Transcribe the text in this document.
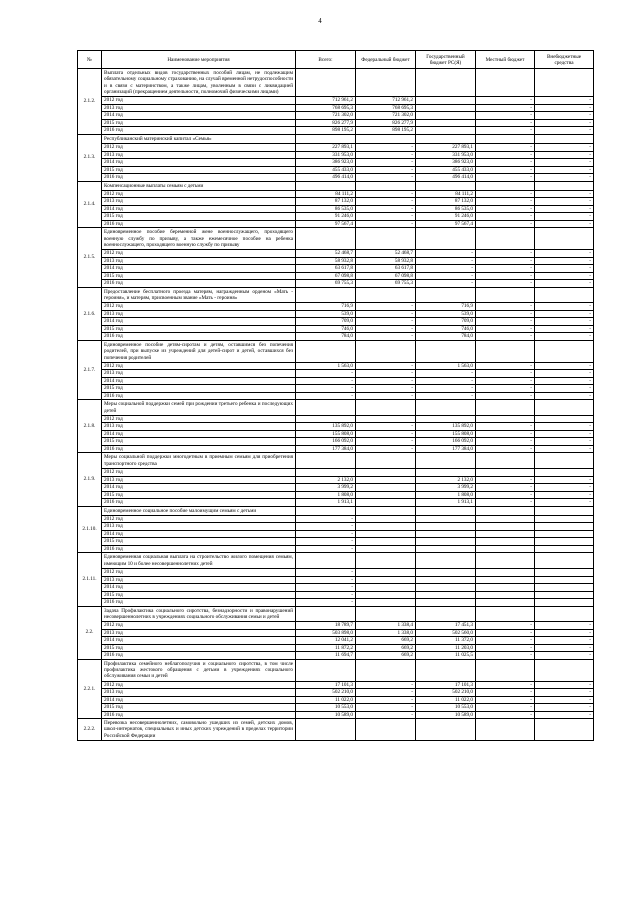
4
№	Наименование мероприятия	Всего:	Федеральный бюджет	Государственный бюджет РС(Я)	Местный бюджет	Внебюджетные средства
2.1.2.	Выплата отдельных видов государственных пособий лицам, не подлежащим обязательному социальному страхованию, на случай временной нетрудоспособности и в связи с материнством, а также лицам, уволенным в связи с ликвидацией организаций (прекращением деятельности, полномочий физическими лицами)					
	2012 год	712 961,2	712 961,2		-	-
	2013 год	768 695,3	768 695,3		-	-
	2014 год	721 302,0	721 302,0		-	-
	2015 год	826 277,9	826 277,9		-	-
	2016 год	898 195,2	898 195,2		-	-
2.1.3.	Республиканский материнский капитал «Семья»					
	2012 год	227 893,1	-	227 893,1	-	-
	2013 год	331 953,0	-	331 953,0	-	-
	2014 год	386 923,0	-	386 923,0	-	-
	2015 год	455 433,0	-	455 433,0	-	-
	2016 год	496 414,0	-	496 414,0	-	-
2.1.4.	Компенсационные выплаты семьям с детьми					
	2012 год	84 111,2	-	84 111,2	-	-
	2013 год	87 132,0	-	87 132,0	-	-
	2014 год	86 535,0	-	86 535,0	-	-
	2015 год	91 246,0	-	91 246,0	-	-
	2016 год	97 567,4	-	97 567,4	-	-
2.1.5.	Единовременное пособие беременной жене военнослужащего, проходящего военную службу по призыву, а также ежемесячное пособие на ребенка военнослужащего, проходящего военную службу по призыву					
	2012 год	52 468,7	52 468,7	-	-	-
	2013 год	58 932,8	58 932,8	-	-	-
	2014 год	63 617,8	63 617,8	-	-	-
	2015 год	67 098,8	67 098,8	-	-	-
	2016 год	69 755,3	69 755,3	-	-	-
2.1.6.	Предоставление бесплатного проезда матерям, награжденным орденом «Мать - героиня», и матерям, присвоенным звание «Мать - героиня»					
	2012 год	716,9	-	716,9	-	-
	2013 год	539,0	-	539,0	-	-
	2014 год	709,0	-	709,0	-	-
	2015 год	746,0	-	746,0	-	-
	2016 год	784,0	-	784,0	-	-
2.1.7.	Единовременное пособие детям-сиротам и детям, оставшимся без попечения родителей, при выпуске из учреждений для детей-сирот и детей, оставшихся без попечения родителей					
	2012 год	1 563,0	-	1 563,0	-	-
	2013 год	-	-	-	-	-
	2014 год	-	-	-	-	-
	2015 год	-	-	-	-	-
	2016 год	-	-	-	-	-
2.1.8.	Меры социальной поддержки семей при рождении третьего ребенка и последующих детей					
	2012 год					
	2013 год	135 892,0	-	135 892,0	-	-
	2014 год	155 808,0	-	155 808,0	-	-
	2015 год	166 092,0	-	166 092,0	-	-
	2016 год	177 384,0	-	177 384,0	-	-
2.1.9.	Меры социальной поддержки многодетным в приемным семьям для приобретения транспортного средства					
	2012 год					
	2013 год	2 132,0		2 132,0	-	-
	2014 год	3 999,2		3 999,2	-	-
	2015 год	1 808,0		1 808,0	-	-
	2016 год	1 913,1		1 913,1	-	-
2.1.10.	Единовременное социальное пособие малоимущим семьям с детьми					
	2012 год	-				
	2013 год	-				
	2014 год	-				
	2015 год	-				
	2016 год	-				
2.1.11.	Единовременная социальная выплата на строительство жилого помещения семьям, имеющим 10 и более несовершеннолетних детей					
	2012 год	-				
	2013 год	-				
	2014 год	-				
	2015 год	-				
	2016 год	-				
2.2.	Задача Профилактика социального сиротства, безнадзорности и правонарушений несовершеннолетних в учреждениях социального обслуживания семьи и детей					
	2012 год	18 789,7	1 338,4	17 451,3	-	-
	2013 год	503 898,0	1 338,0	502 560,0	-	-
	2014 год	12 041,2	669,2	11 372,0	-	-
	2015 год	11 872,2	669,2	11 203,0	-	-
	2016 год	11 694,7	669,2	11 025,5	-	-
2.2.1.	Профилактика семейного неблагополучия и социального сиротства, в том числе профилактика жестокого обращения с детьми в учреждениях социального обслуживания семьи и детей					
	2012 год	17 101,3	-	17 101,3	-	-
	2013 год	502 210,0	-	502 210,0	-	-
	2014 год	11 022,0	-	11 022,0	-	-
	2015 год	10 553,0	-	10 553,0	-	-
	2016 год	10 589,0	-	10 589,0	-	-
2.2.2.	Перевозка несовершеннолетних, самовольно ушедших из семей, детских домов, школ-интернатов, специальных и иных детских учреждений в пределах территории Российской Федерации					
